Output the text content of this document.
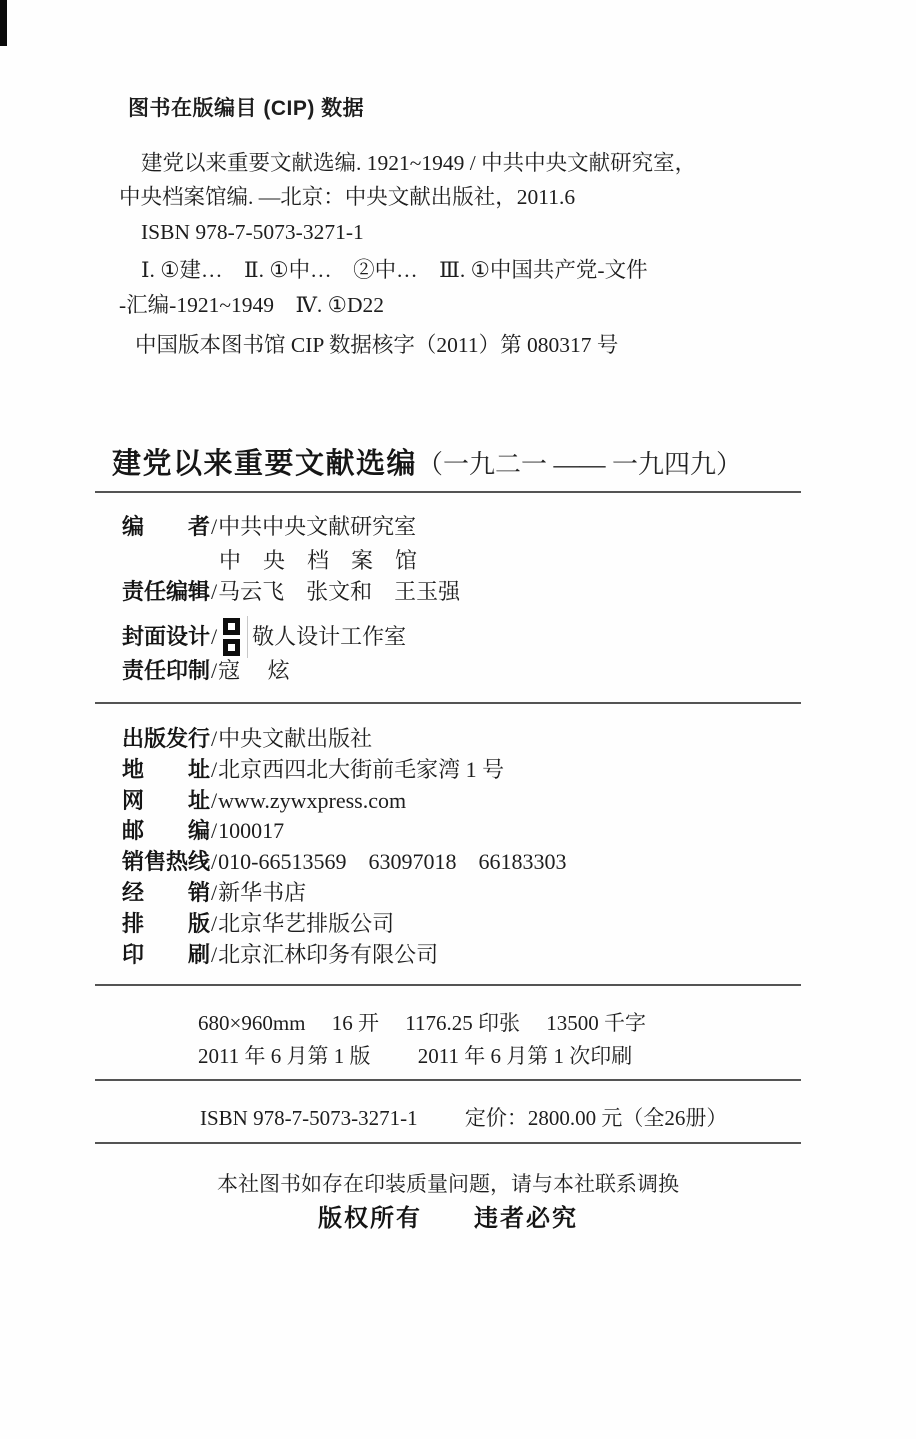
图书在版编目 (CIP) 数据
建党以来重要文献选编. 1921~1949 / 中共中央文献研究室，
中央档案馆编. —北京：中央文献出版社，2011.6
ISBN 978-7-5073-3271-1
Ⅰ. ①建…　Ⅱ. ①中…　②中…　Ⅲ. ①中国共产党-文件
-汇编-1921~1949　Ⅳ. ①D22
中国版本图书馆 CIP 数据核字（2011）第 080317 号
建党以来重要文献选编（一九二一 —— 一九四九）
编　　者/中共中央文献研究室
中　央　档　案　馆
责任编辑/马云飞　张文和　王玉强
封面设计 / 敬人设计工作室
责任印制/寇　 炫
出版发行/中央文献出版社
地　　址/北京西四北大街前毛家湾 1 号
网　　址/www.zywxpress.com
邮　　编/100017
销售热线/010-66513569　63097018　66183303
经　　销/新华书店
排　　版/北京华艺排版公司
印　　刷/北京汇林印务有限公司
680×960mm　 16 开　 1176.25 印张　 13500 千字
2011 年 6 月第 1 版　　 2011 年 6 月第 1 次印刷
ISBN 978-7-5073-3271-1　　 定价：2800.00 元（全26册）
本社图书如存在印装质量问题，请与本社联系调换
版权所有　　违者必究
